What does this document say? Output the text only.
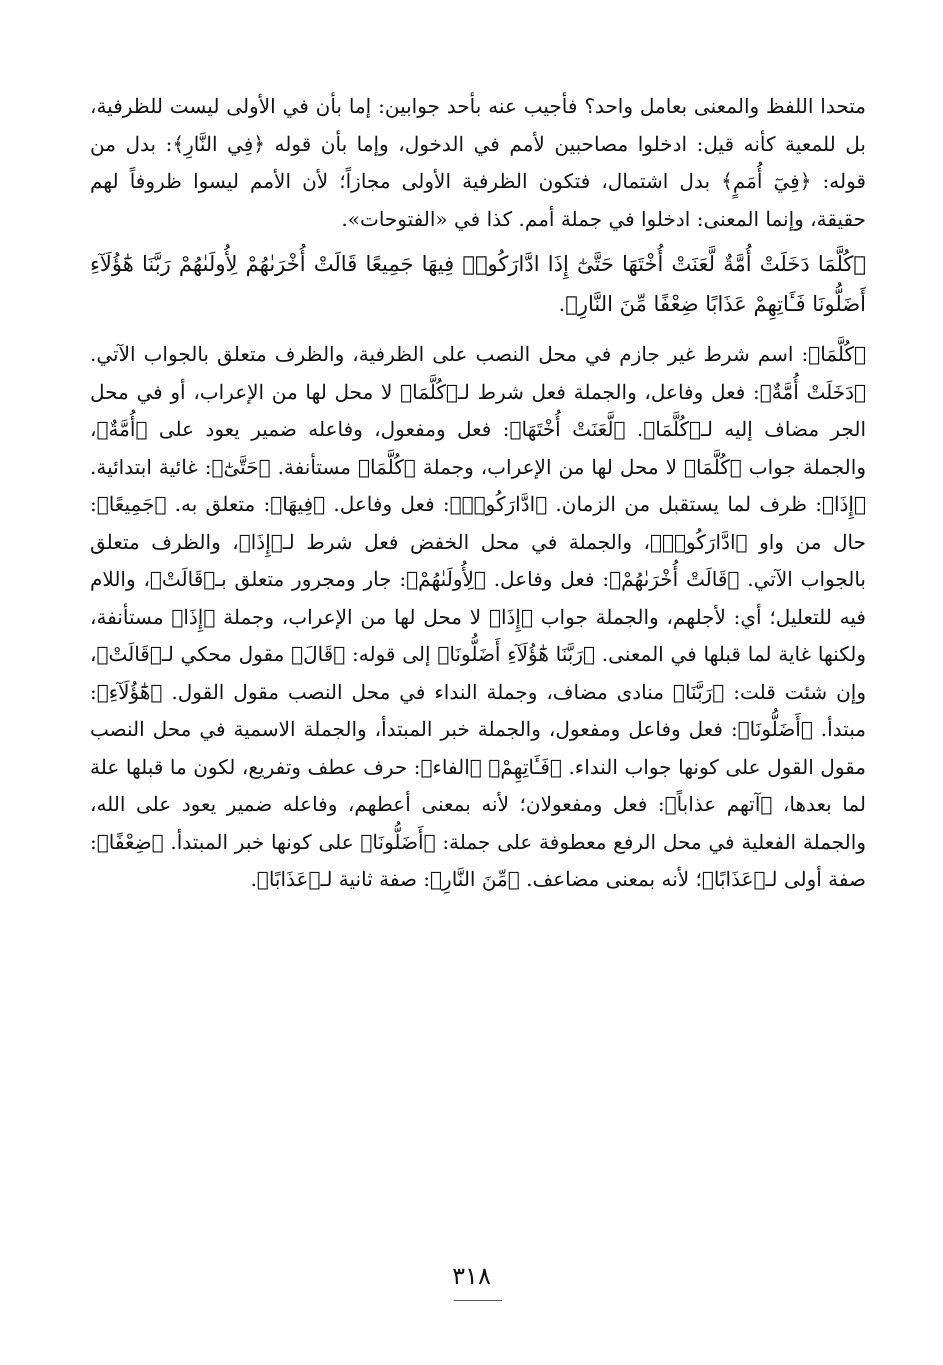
متحدا اللفظ والمعنى بعامل واحد؟ فأجيب عنه بأحد جوابين: إما بأن في الأولى ليست للظرفية، بل للمعية كأنه قيل: ادخلوا مصاحبين لأمم في الدخول، وإما بأن قوله ﴿فِي النَّارِ﴾: بدل من قوله: ﴿فِيٓ أُمَمٍ﴾ بدل اشتمال، فتكون الظرفية الأولى مجازاً؛ لأن الأمم ليسوا ظروفاً لهم حقيقة، وإنما المعنى: ادخلوا في جملة أمم. كذا في «الفتوحات».

﴿كُلَّمَا دَخَلَتْ أُمَّةٌ لَّعَنَتْ أُخْتَهَا حَتَّىٰٓ إِذَا ادَّارَكُوا۟ فِيهَا جَمِيعًا قَالَتْ أُخْرَىٰهُمْ لِأُولَىٰهُمْ رَبَّنَا هَٰٓؤُلَآءِ أَضَلُّونَا فَـَٔاتِهِمْ عَذَابًا ضِعْفًا مِّنَ النَّارِ﴾.

﴿كُلَّمَا﴾: اسم شرط غير جازم في محل النصب على الظرفية، والظرف متعلق بالجواب الآتي. ﴿دَخَلَتْ أُمَّةٌ﴾: فعل وفاعل، والجملة فعل شرط لـ﴿كُلَّمَا﴾ لا محل لها من الإعراب، أو في محل الجر مضاف إليه لـ﴿كُلَّمَا﴾. ﴿لَّعَنَتْ أُخْتَهَا﴾: فعل ومفعول، وفاعله ضمير يعود على ﴿أُمَّةٌ﴾، والجملة جواب ﴿كُلَّمَا﴾ لا محل لها من الإعراب، وجملة ﴿كُلَّمَا﴾ مستأنفة. ﴿حَتَّىٰٓ﴾: غائية ابتدائية. ﴿إِذَا﴾: ظرف لما يستقبل من الزمان. ﴿ادَّارَكُوا۟﴾: فعل وفاعل. ﴿فِيهَا﴾: متعلق به. ﴿جَمِيعًا﴾: حال من واو ﴿ادَّارَكُوا۟﴾، والجملة في محل الخفض فعل شرط لـ﴿إِذَا﴾، والظرف متعلق بالجواب الآتي. ﴿قَالَتْ أُخْرَىٰهُمْ﴾: فعل وفاعل. ﴿لِأُولَىٰهُمْ﴾: جار ومجرور متعلق بـ﴿قَالَتْ﴾، واللام فيه للتعليل؛ أي: لأجلهم، والجملة جواب ﴿إِذَا﴾ لا محل لها من الإعراب، وجملة ﴿إِذَا﴾ مستأنفة، ولكنها غاية لما قبلها في المعنى. ﴿رَبَّنَا هَٰٓؤُلَآءِ أَضَلُّونَا﴾ إلى قوله: ﴿قَالَ﴾ مقول محكي لـ﴿قَالَتْ﴾، وإن شئت قلت: ﴿رَبَّنَا﴾ منادى مضاف، وجملة النداء في محل النصب مقول القول. ﴿هَٰٓؤُلَآءِ﴾: مبتدأ. ﴿أَضَلُّونَا﴾: فعل وفاعل ومفعول، والجملة خبر المبتدأ، والجملة الاسمية في محل النصب مقول القول على كونها جواب النداء. ﴿فَـَٔاتِهِمْ﴾ ﴿الفاء﴾: حرف عطف وتفريع، لكون ما قبلها علة لما بعدها، ﴿آتهم عذاباً﴾: فعل ومفعولان؛ لأنه بمعنى أعطهم، وفاعله ضمير يعود على الله، والجملة الفعلية في محل الرفع معطوفة على جملة: ﴿أَضَلُّونَا﴾ على كونها خبر المبتدأ. ﴿ضِعْفًا﴾: صفة أولى لـ﴿عَذَابًا﴾؛ لأنه بمعنى مضاعف. ﴿مِّنَ النَّارِ﴾: صفة ثانية لـ﴿عَذَابًا﴾.

٣١٨
